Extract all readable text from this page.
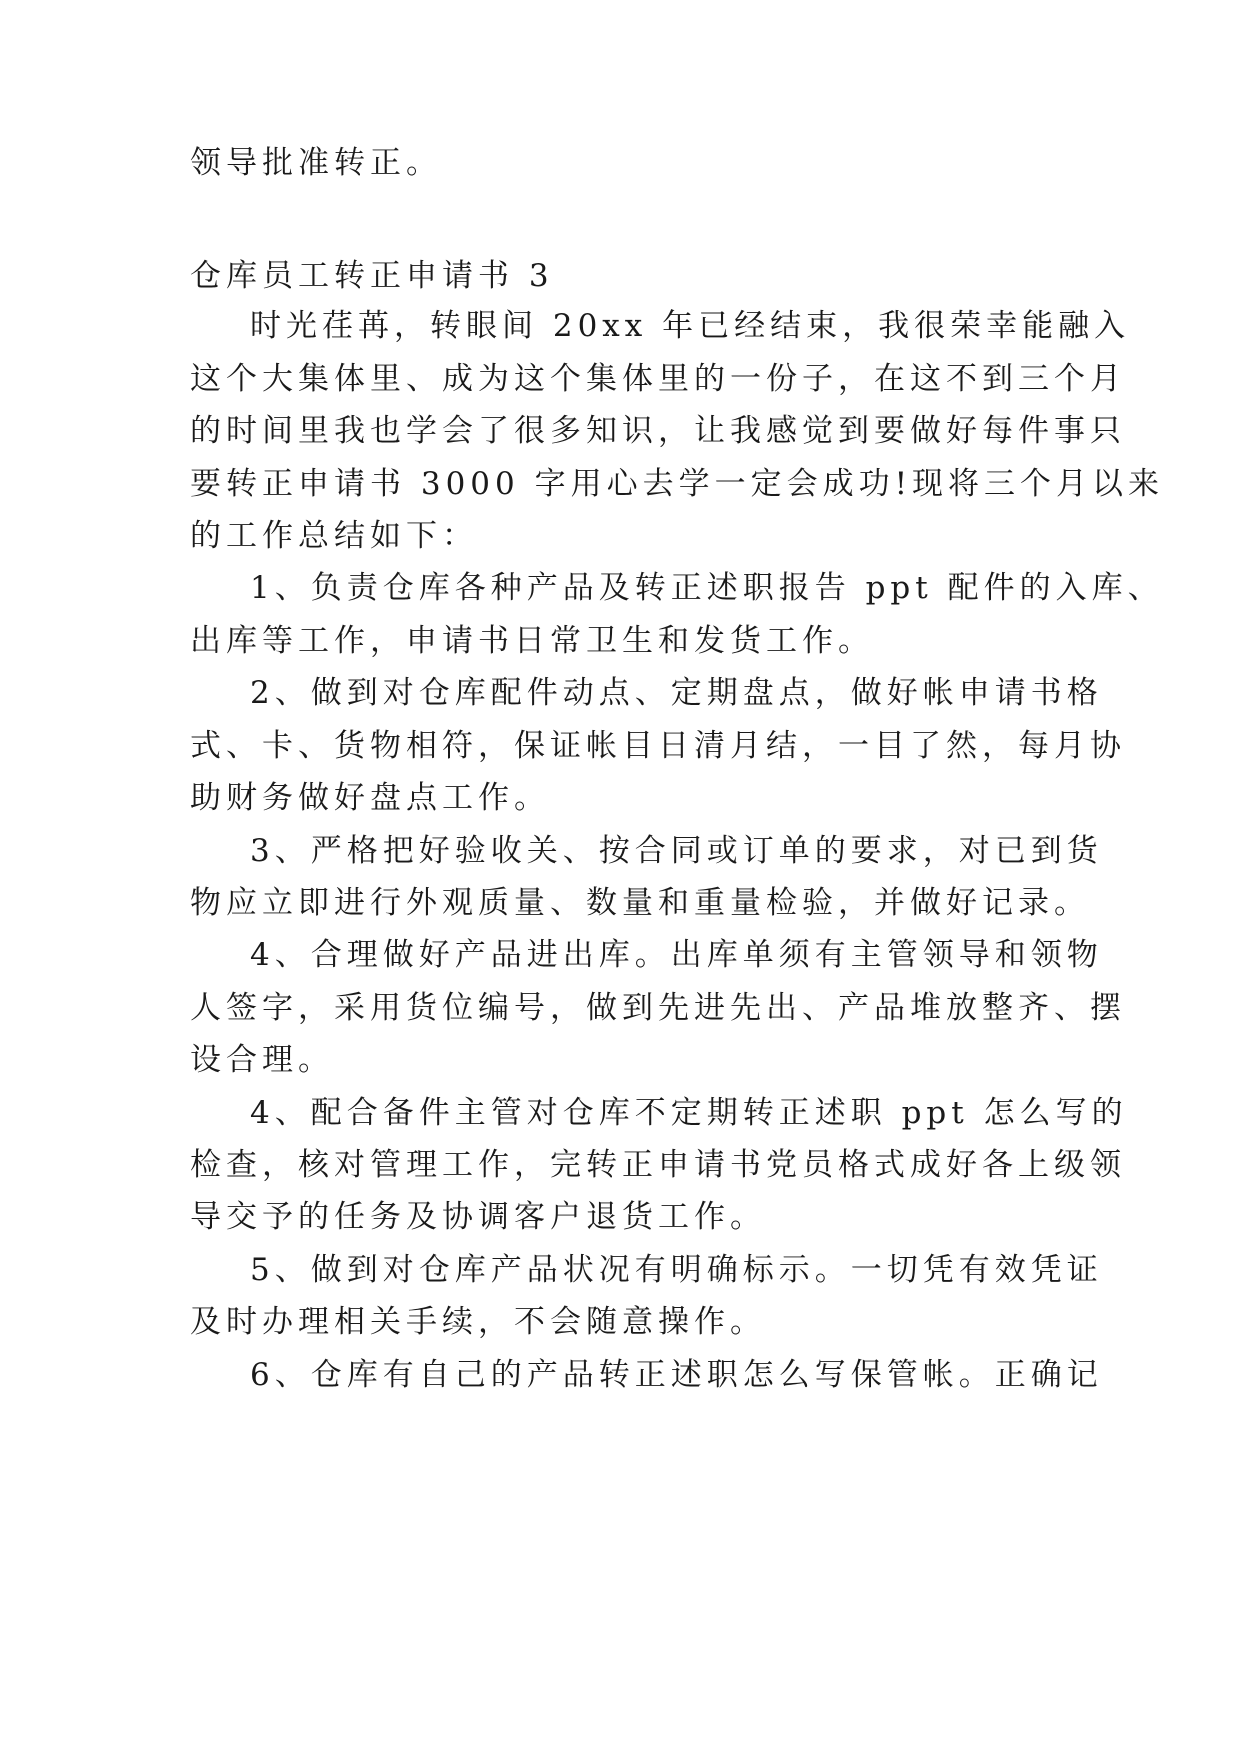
领导批准转正。

仓库员工转正申请书 3

时光荏苒，转眼间 20xx 年已经结束，我很荣幸能融入

这个大集体里、成为这个集体里的一份子，在这不到三个月

的时间里我也学会了很多知识，让我感觉到要做好每件事只

要转正申请书 3000 字用心去学一定会成功!现将三个月以来

的工作总结如下：

1、负责仓库各种产品及转正述职报告 ppt 配件的入库、

出库等工作，申请书日常卫生和发货工作。

2、做到对仓库配件动点、定期盘点，做好帐申请书格

式、卡、货物相符，保证帐目日清月结，一目了然，每月协

助财务做好盘点工作。

3、严格把好验收关、按合同或订单的要求，对已到货

物应立即进行外观质量、数量和重量检验，并做好记录。

4、合理做好产品进出库。出库单须有主管领导和领物

人签字，采用货位编号，做到先进先出、产品堆放整齐、摆

设合理。

4、配合备件主管对仓库不定期转正述职 ppt 怎么写的

检查，核对管理工作，完转正申请书党员格式成好各上级领

导交予的任务及协调客户退货工作。

5、做到对仓库产品状况有明确标示。一切凭有效凭证

及时办理相关手续，不会随意操作。

6、仓库有自己的产品转正述职怎么写保管帐。正确记
